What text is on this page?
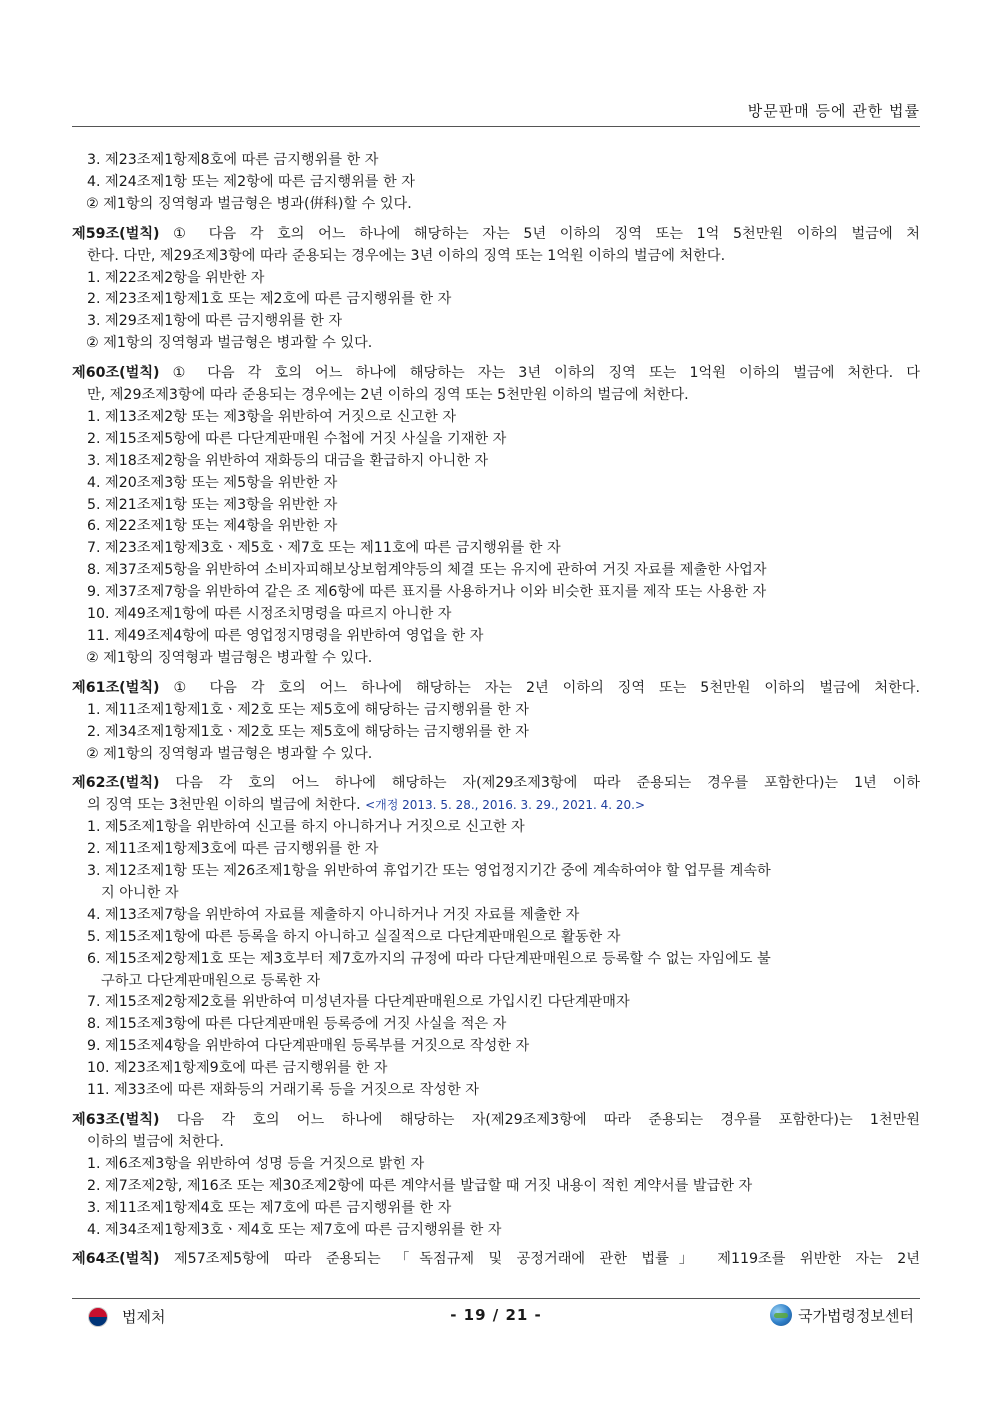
방문판매 등에 관한 법률
3. 제23조제1항제8호에 따른 금지행위를 한 자
4. 제24조제1항 또는 제2항에 따른 금지행위를 한 자
② 제1항의 징역형과 벌금형은 병과(倂科)할 수 있다.
제59조(벌칙) ① 다음 각 호의 어느 하나에 해당하는 자는 5년 이하의 징역 또는 1억 5천만원 이하의 벌금에 처
한다. 다만, 제29조제3항에 따라 준용되는 경우에는 3년 이하의 징역 또는 1억원 이하의 벌금에 처한다.
1. 제22조제2항을 위반한 자
2. 제23조제1항제1호 또는 제2호에 따른 금지행위를 한 자
3. 제29조제1항에 따른 금지행위를 한 자
② 제1항의 징역형과 벌금형은 병과할 수 있다.
제60조(벌칙) ① 다음 각 호의 어느 하나에 해당하는 자는 3년 이하의 징역 또는 1억원 이하의 벌금에 처한다. 다
만, 제29조제3항에 따라 준용되는 경우에는 2년 이하의 징역 또는 5천만원 이하의 벌금에 처한다.
1. 제13조제2항 또는 제3항을 위반하여 거짓으로 신고한 자
2. 제15조제5항에 따른 다단계판매원 수첩에 거짓 사실을 기재한 자
3. 제18조제2항을 위반하여 재화등의 대금을 환급하지 아니한 자
4. 제20조제3항 또는 제5항을 위반한 자
5. 제21조제1항 또는 제3항을 위반한 자
6. 제22조제1항 또는 제4항을 위반한 자
7. 제23조제1항제3호ㆍ제5호ㆍ제7호 또는 제11호에 따른 금지행위를 한 자
8. 제37조제5항을 위반하여 소비자피해보상보험계약등의 체결 또는 유지에 관하여 거짓 자료를 제출한 사업자
9. 제37조제7항을 위반하여 같은 조 제6항에 따른 표지를 사용하거나 이와 비슷한 표지를 제작 또는 사용한 자
10. 제49조제1항에 따른 시정조치명령을 따르지 아니한 자
11. 제49조제4항에 따른 영업정지명령을 위반하여 영업을 한 자
② 제1항의 징역형과 벌금형은 병과할 수 있다.
제61조(벌칙) ① 다음 각 호의 어느 하나에 해당하는 자는 2년 이하의 징역 또는 5천만원 이하의 벌금에 처한다.
1. 제11조제1항제1호ㆍ제2호 또는 제5호에 해당하는 금지행위를 한 자
2. 제34조제1항제1호ㆍ제2호 또는 제5호에 해당하는 금지행위를 한 자
② 제1항의 징역형과 벌금형은 병과할 수 있다.
제62조(벌칙) 다음 각 호의 어느 하나에 해당하는 자(제29조제3항에 따라 준용되는 경우를 포함한다)는 1년 이하
의 징역 또는 3천만원 이하의 벌금에 처한다. <개정 2013. 5. 28., 2016. 3. 29., 2021. 4. 20.>
1. 제5조제1항을 위반하여 신고를 하지 아니하거나 거짓으로 신고한 자
2. 제11조제1항제3호에 따른 금지행위를 한 자
3. 제12조제1항 또는 제26조제1항을 위반하여 휴업기간 또는 영업정지기간 중에 계속하여야 할 업무를 계속하
지 아니한 자
4. 제13조제7항을 위반하여 자료를 제출하지 아니하거나 거짓 자료를 제출한 자
5. 제15조제1항에 따른 등록을 하지 아니하고 실질적으로 다단계판매원으로 활동한 자
6. 제15조제2항제1호 또는 제3호부터 제7호까지의 규정에 따라 다단계판매원으로 등록할 수 없는 자임에도 불
구하고 다단계판매원으로 등록한 자
7. 제15조제2항제2호를 위반하여 미성년자를 다단계판매원으로 가입시킨 다단계판매자
8. 제15조제3항에 따른 다단계판매원 등록증에 거짓 사실을 적은 자
9. 제15조제4항을 위반하여 다단계판매원 등록부를 거짓으로 작성한 자
10. 제23조제1항제9호에 따른 금지행위를 한 자
11. 제33조에 따른 재화등의 거래기록 등을 거짓으로 작성한 자
제63조(벌칙) 다음 각 호의 어느 하나에 해당하는 자(제29조제3항에 따라 준용되는 경우를 포함한다)는 1천만원
이하의 벌금에 처한다.
1. 제6조제3항을 위반하여 성명 등을 거짓으로 밝힌 자
2. 제7조제2항, 제16조 또는 제30조제2항에 따른 계약서를 발급할 때 거짓 내용이 적힌 계약서를 발급한 자
3. 제11조제1항제4호 또는 제7호에 따른 금지행위를 한 자
4. 제34조제1항제3호ㆍ제4호 또는 제7호에 따른 금지행위를 한 자
제64조(벌칙) 제57조제5항에 따라 준용되는 「독점규제 및 공정거래에 관한 법률」 제119조를 위반한 자는 2년
법제처	- 19 / 21 -	국가법령정보센터
